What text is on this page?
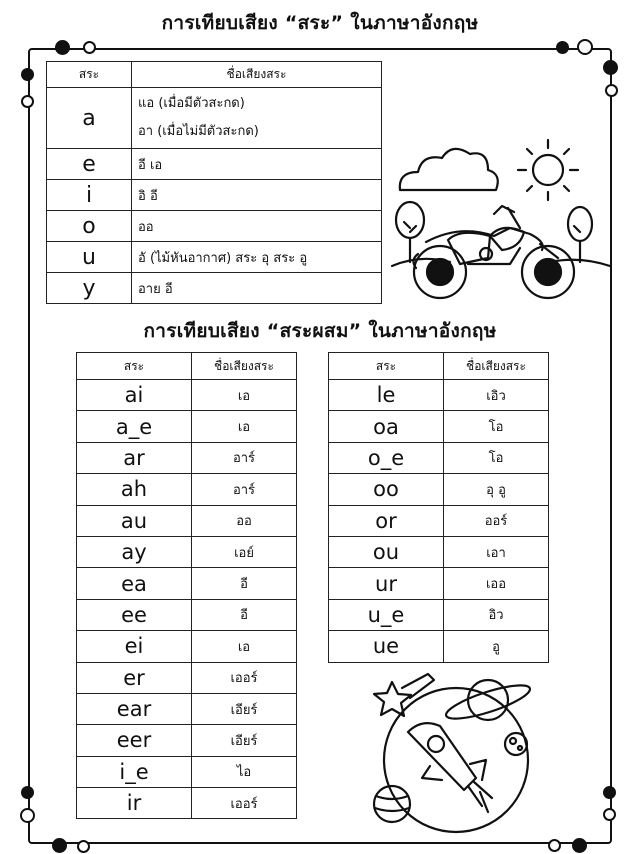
การเทียบเสียง “สระ” ในภาษาอังกฤษ
สระ	ชื่อเสียงสระ
a	แอ (เมื่อมีตัวสะกด)
อา (เมื่อไม่มีตัวสะกด)

e	อี เอ
i	อิ อี
o	ออ
u	อั (ไม้หันอากาศ) สระ อุ สระ อู
y	อาย อี
การเทียบเสียง “สระผสม” ในภาษาอังกฤษ
สระ	ชื่อเสียงสระ
ai	เอ
a_e	เอ
ar	อาร์
ah	อาร์
au	ออ
ay	เอย์
ea	อี
ee	อี
ei	เอ
er	เออร์
ear	เอียร์
eer	เอียร์
i_e	ไอ
ir	เออร์
สระ	ชื่อเสียงสระ
le	เอิว
oa	โอ
o_e	โอ
oo	อุ อู
or	ออร์
ou	เอา
ur	เออ
u_e	อิว
ue	อู
